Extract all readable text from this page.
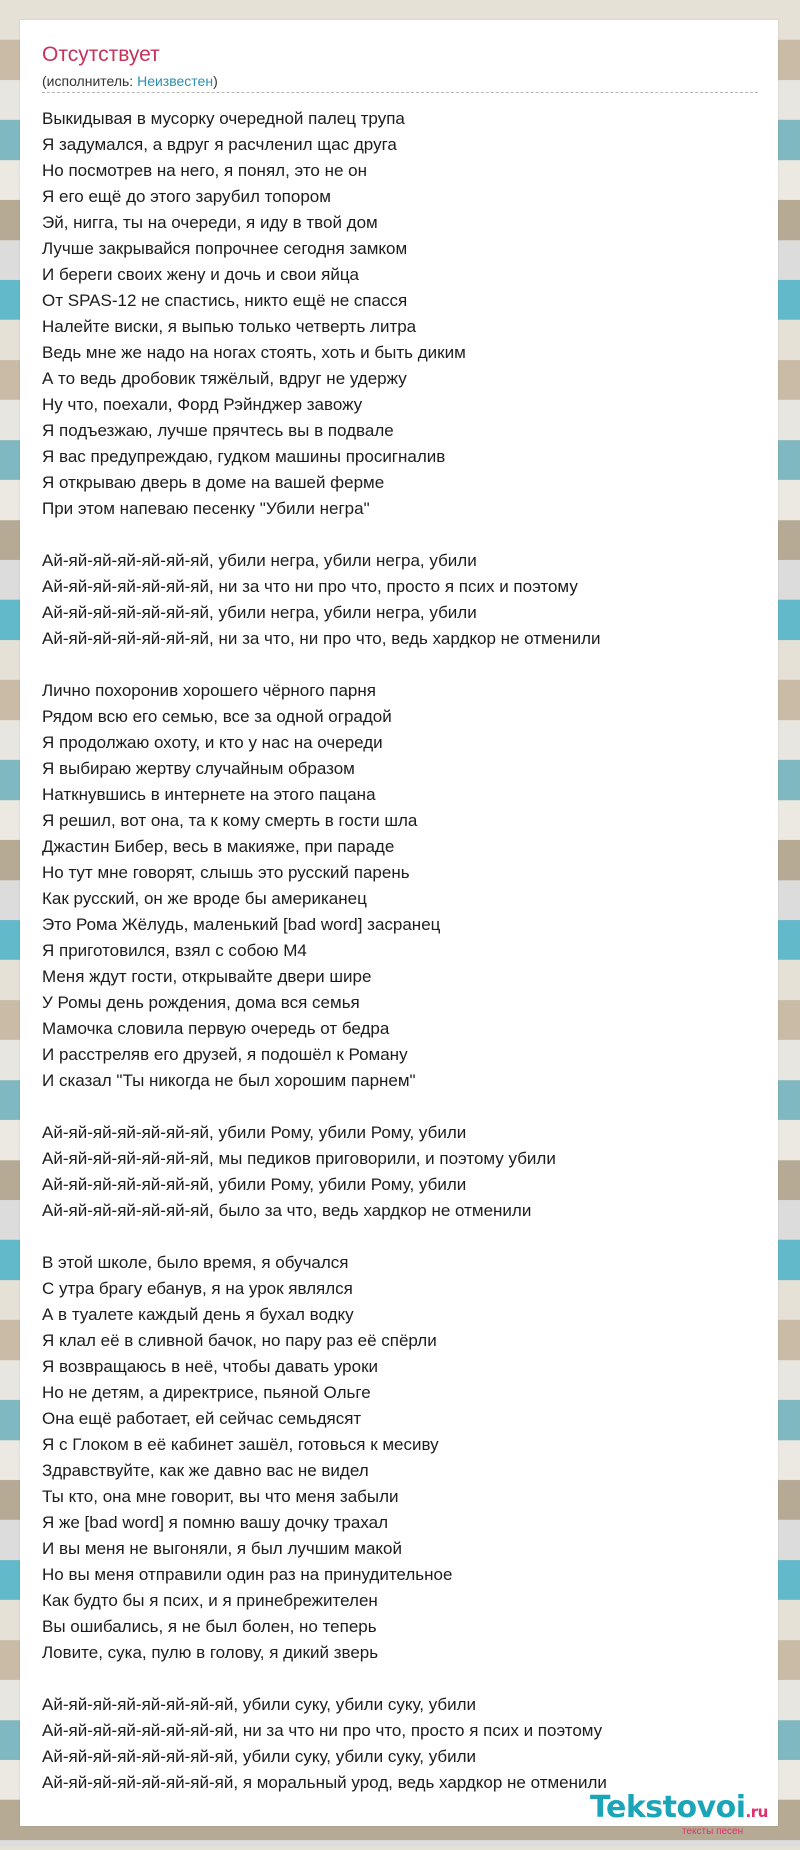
Отсутствует
(исполнитель: Неизвестен)
Выкидывая в мусорку очередной палец трупа
Я задумался, а вдруг я расчленил щас друга
Но посмотрев на него, я понял, это не он
Я его ещё до этого зарубил топором
Эй, нигга, ты на очереди, я иду в твой дом
Лучше закрывайся попрочнее сегодня замком
И береги своих жену и дочь и свои яйца
От SPAS-12 не спастись, никто ещё не спасся
Налейте виски, я выпью только четверть литра
Ведь мне же надо на ногах стоять, хоть и быть диким
А то ведь дробовик тяжёлый, вдруг не удержу
Ну что, поехали, Форд Рэйнджер завожу
Я подъезжаю, лучше прячтесь вы в подвале
Я вас предупреждаю, гудком машины просигналив
Я открываю дверь в доме на вашей ферме
При этом напеваю песенку "Убили негра"
Ай-яй-яй-яй-яй-яй-яй, убили негра, убили негра, убили
Ай-яй-яй-яй-яй-яй-яй, ни за что ни про что, просто я псих и поэтому
Ай-яй-яй-яй-яй-яй-яй, убили негра, убили негра, убили
Ай-яй-яй-яй-яй-яй-яй, ни за что, ни про что, ведь хардкор не отменили
Лично похоронив хорошего чёрного парня
Рядом всю его семью, все за одной оградой
Я продолжаю охоту, и кто у нас на очереди
Я выбираю жертву случайным образом
Наткнувшись в интернете на этого пацана
Я решил, вот она, та к кому смерть в гости шла
Джастин Бибер, весь в макияже, при параде
Но тут мне говорят, слышь это русский парень
Как русский, он же вроде бы американец
Это Рома Жёлудь, маленький [bad word] засранец
Я приготовился, взял с собою М4
Меня ждут гости, открывайте двери шире
У Ромы день рождения, дома вся семья
Мамочка словила первую очередь от бедра
И расстреляв его друзей, я подошёл к Роману
И сказал "Ты никогда не был хорошим парнем"
Ай-яй-яй-яй-яй-яй-яй, убили Рому, убили Рому, убили
Ай-яй-яй-яй-яй-яй-яй, мы педиков приговорили, и поэтому убили
Ай-яй-яй-яй-яй-яй-яй, убили Рому, убили Рому, убили
Ай-яй-яй-яй-яй-яй-яй, было за что, ведь хардкор не отменили
В этой школе, было время, я обучался
С утра брагу ебанув, я на урок являлся
А в туалете каждый день я бухал водку
Я клал её в сливной бачок, но пару раз её спёрли
Я возвращаюсь в неё, чтобы давать уроки
Но не детям, а директрисе, пьяной Ольге
Она ещё работает, ей сейчас семьдясят
Я с Глоком в её кабинет зашёл, готовься к месиву
Здравствуйте, как же давно вас не видел
Ты кто, она мне говорит, вы что меня забыли
Я же [bad word] я помню вашу дочку трахал
И вы меня не выгоняли, я был лучшим макой
Но вы меня отправили один раз на принудительное
Как будто бы я псих, и я принебрежителен
Вы ошибались, я не был болен, но теперь
Ловите, сука, пулю в голову, я дикий зверь
Ай-яй-яй-яй-яй-яй-яй-яй, убили суку, убили суку, убили
Ай-яй-яй-яй-яй-яй-яй-яй, ни за что ни про что, просто я псих и поэтому
Ай-яй-яй-яй-яй-яй-яй-яй, убили суку, убили суку, убили
Ай-яй-яй-яй-яй-яй-яй-яй, я моральный урод, ведь хардкор не отменили
Tekstovoi.ru
тексты песен
